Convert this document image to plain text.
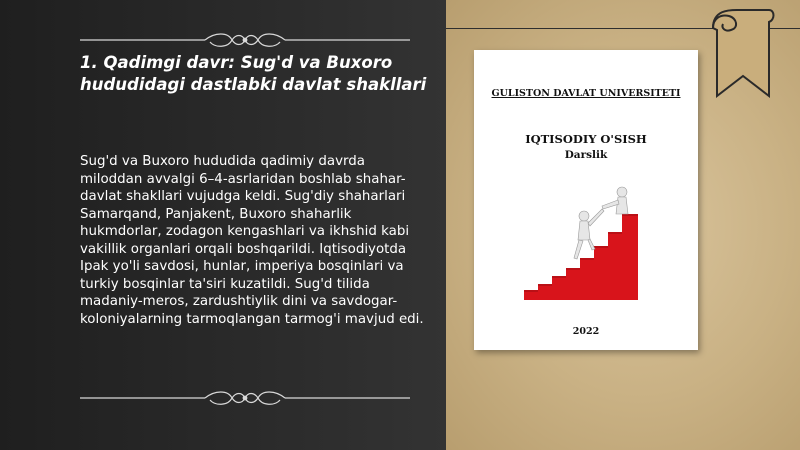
1. Qadimgi davr: Sug'd va Buxoro hududidagi dastlabki davlat shakllari

Sug'd va Buxoro hududida qadimiy davrda miloddan avvalgi 6–4-asrlaridan boshlab shahar-davlat shakllari vujudga keldi. Sug'diy shaharlari Samarqand, Panjakent, Buxoro shaharlik hukmdorlar, zodagon kengashlari va ikhshid kabi vakillik organlari orqali boshqarildi. Iqtisodiyotda Ipak yo'li savdosi, hunlar, imperiya bosqinlari va turkiy bosqinlar ta'siri kuzatildi. Sug'd tilida madaniy-meros, zardushtiylik dini va savdogar-koloniyalarning tarmoqlangan tarmog'i mavjud edi.

GULISTON DAVLAT UNIVERSITETI
IQTISODIY O'SISH
Darslik
2022
